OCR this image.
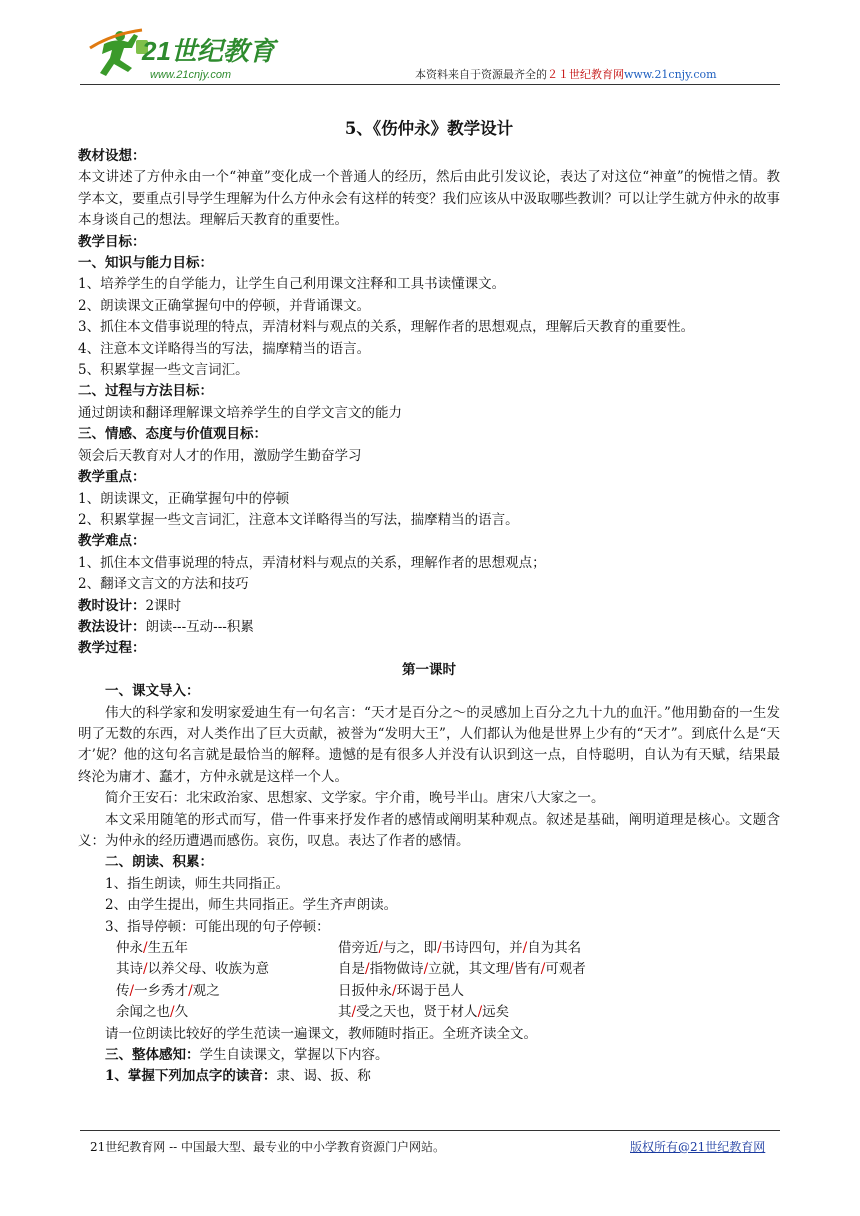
21世纪教育
www.21cnjy.com	本资料来自于资源最齐全的２１世纪教育网www.21cnjy.com
5、《伤仲永》教学设计
教材设想：
本文讲述了方仲永由一个“神童”变化成一个普通人的经历，然后由此引发议论，表达了对这位“神童”的惋惜之情。教学本文，要重点引导学生理解为什么方仲永会有这样的转变？我们应该从中汲取哪些教训？可以让学生就方仲永的故事本身谈自己的想法。理解后天教育的重要性。
教学目标：
一、知识与能力目标：
1、培养学生的自学能力，让学生自己利用课文注释和工具书读懂课文。
2、朗读课文正确掌握句中的停顿，并背诵课文。
3、抓住本文借事说理的特点，弄清材料与观点的关系，理解作者的思想观点，理解后天教育的重要性。
4、注意本文详略得当的写法，揣摩精当的语言。
5、积累掌握一些文言词汇。
二、过程与方法目标：
通过朗读和翻译理解课文培养学生的自学文言文的能力
三、情感、态度与价值观目标：
领会后天教育对人才的作用，激励学生勤奋学习
教学重点：
1、朗读课文，正确掌握句中的停顿
2、积累掌握一些文言词汇，注意本文详略得当的写法，揣摩精当的语言。
教学难点：
1、抓住本文借事说理的特点，弄清材料与观点的关系，理解作者的思想观点；
2、翻译文言文的方法和技巧
教时设计：2课时
教法设计：朗读---互动---积累
教学过程：
第一课时
一、课文导入：
伟大的科学家和发明家爱迪生有一句名言：“天才是百分之～的灵感加上百分之九十九的血汗。”他用勤奋的一生发明了无数的东西，对人类作出了巨大贡献，被誉为“发明大王”，人们都认为他是世界上少有的“天才”。到底什么是“天才’妮？他的这句名言就是最恰当的解释。遗憾的是有很多人并没有认识到这一点，自恃聪明，自认为有天赋，结果最终沦为庸才、蠢才，方仲永就是这样一个人。
简介王安石：北宋政治家、思想家、文学家。宇介甫，晚号半山。唐宋八大家之一。
本文采用随笔的形式而写，借一件事来抒发作者的感情或阐明某种观点。叙述是基础，阐明道理是核心。文题含义：为仲永的经历遭遇而感伤。哀伤，叹息。表达了作者的感情。
二、朗读、积累：
1、指生朗读，师生共同指正。
2、由学生提出，师生共同指正。学生齐声朗读。
3、指导停顿：可能出现的句子停顿：
仲永/生五年	借旁近/与之，即/书诗四句，并/自为其名
其诗/以养父母、收族为意	自是/指物做诗/立就，其文理/皆有/可观者
传/一乡秀才/观之	日扳仲永/环谒于邑人
余闻之也/久	其/受之天也，贤于材人/远矣
请一位朗读比较好的学生范读一遍课文，教师随时指正。全班齐读全文。
三、整体感知：学生自读课文，掌握以下内容。
1、掌握下列加点字的读音：隶、谒、扳、称
21世纪教育网 -- 中国最大型、最专业的中小学教育资源门户网站。	版权所有@21世纪教育网
